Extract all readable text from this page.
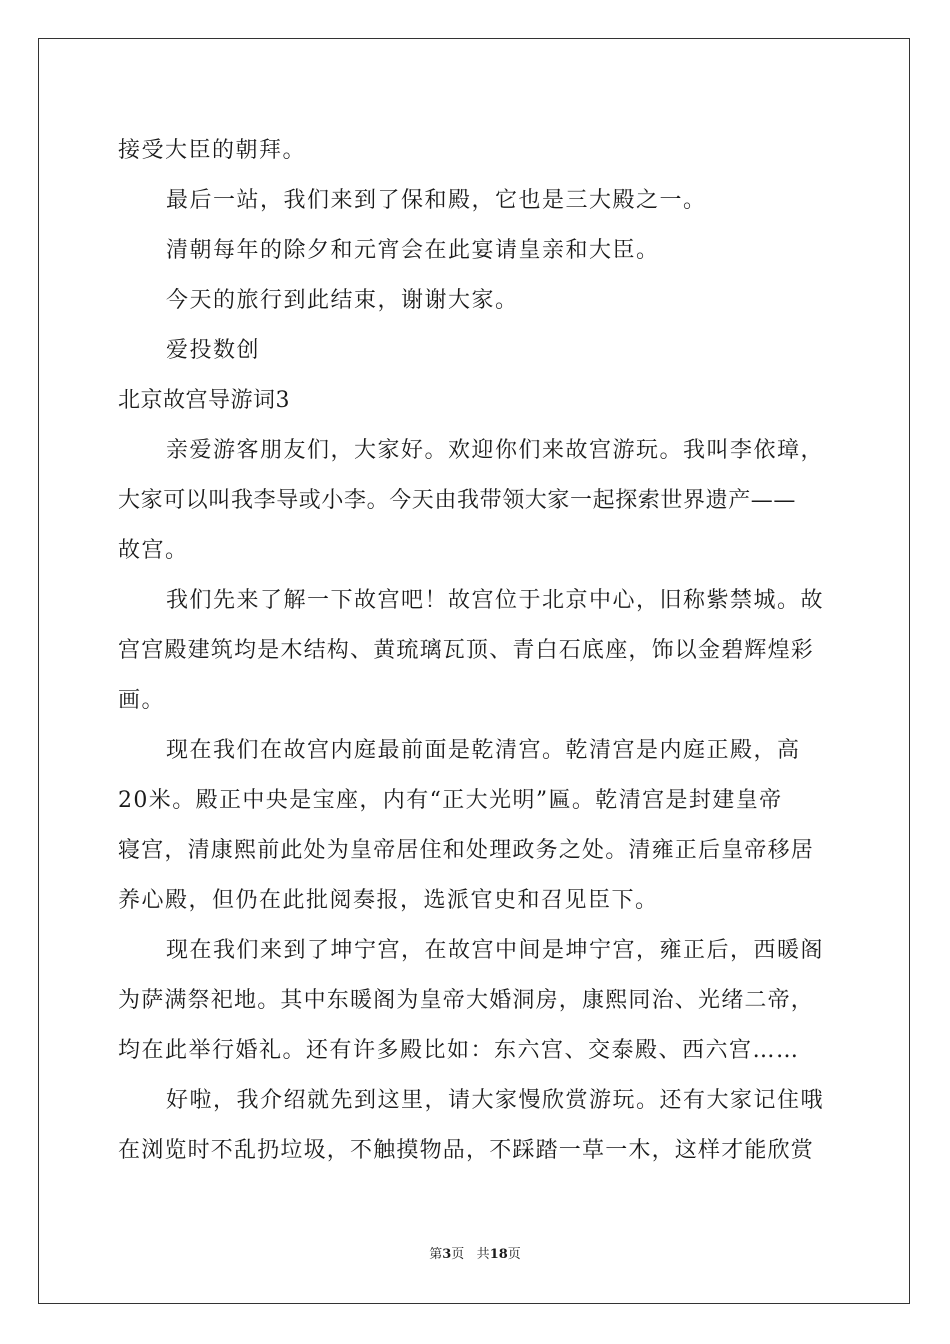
接受大臣的朝拜。
最后一站，我们来到了保和殿，它也是三大殿之一。
清朝每年的除夕和元宵会在此宴请皇亲和大臣。
今天的旅行到此结束，谢谢大家。
爱投数创
北京故宫导游词3
亲爱游客朋友们，大家好。欢迎你们来故宫游玩。我叫李依璋，
大家可以叫我李导或小李。今天由我带领大家一起探索世界遗产——
故宫。
我们先来了解一下故宫吧！故宫位于北京中心，旧称紫禁城。故
宫宫殿建筑均是木结构、黄琉璃瓦顶、青白石底座，饰以金碧辉煌彩
画。
现在我们在故宫内庭最前面是乾清宫。乾清宫是内庭正殿，高
20米。殿正中央是宝座，内有“正大光明”匾。乾清宫是封建皇帝
寝宫，清康熙前此处为皇帝居住和处理政务之处。清雍正后皇帝移居
养心殿，但仍在此批阅奏报，选派官史和召见臣下。
现在我们来到了坤宁宫，在故宫中间是坤宁宫，雍正后，西暖阁
为萨满祭祀地。其中东暖阁为皇帝大婚洞房，康熙同治、光绪二帝，
均在此举行婚礼。还有许多殿比如：东六宫、交泰殿、西六宫……
好啦，我介绍就先到这里，请大家慢欣赏游玩。还有大家记住哦
在浏览时不乱扔垃圾，不触摸物品，不踩踏一草一木，这样才能欣赏
第3页 共18页
